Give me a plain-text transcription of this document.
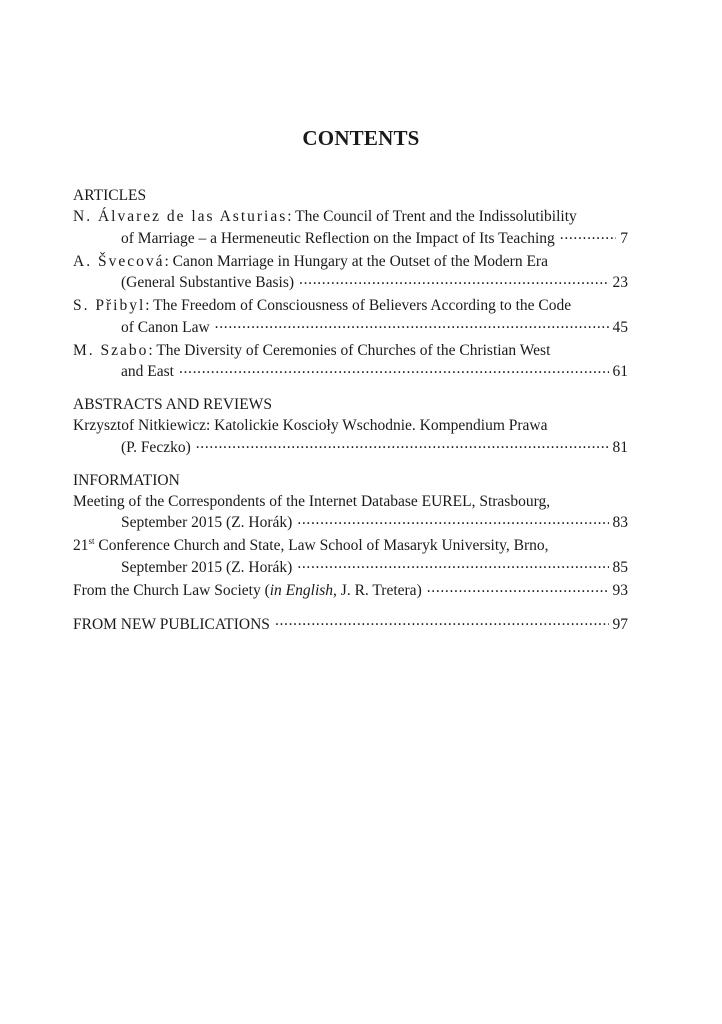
CONTENTS
ARTICLES
N. Álvarez de las Asturias: The Council of Trent and the Indissolutibility
of Marriage – a Hermeneutic Reflection on the Impact of Its Teaching . . .	7
A. Švecová: Canon Marriage in Hungary at the Outset of the Modern Era
(General Substantive Basis) . . .	23
S. Přibyl: The Freedom of Consciousness of Believers According to the Code
of Canon Law . . .	45
M. Szabo: The Diversity of Ceremonies of Churches of the Christian West
and East . . .	61
ABSTRACTS AND REVIEWS
Krzysztof Nitkiewicz: Katolickie Koscioły Wschodnie. Kompendium Prawa
(P. Feczko) . . .	81
INFORMATION
Meeting of the Correspondents of the Internet Database EUREL, Strasbourg,
September 2015 (Z. Horák) . . .	83
21st Conference Church and State, Law School of Masaryk University, Brno,
September 2015 (Z. Horák) . . .	85
From the Church Law Society (in English, J. R. Tretera) . . .	93
FROM NEW PUBLICATIONS . . .	97
